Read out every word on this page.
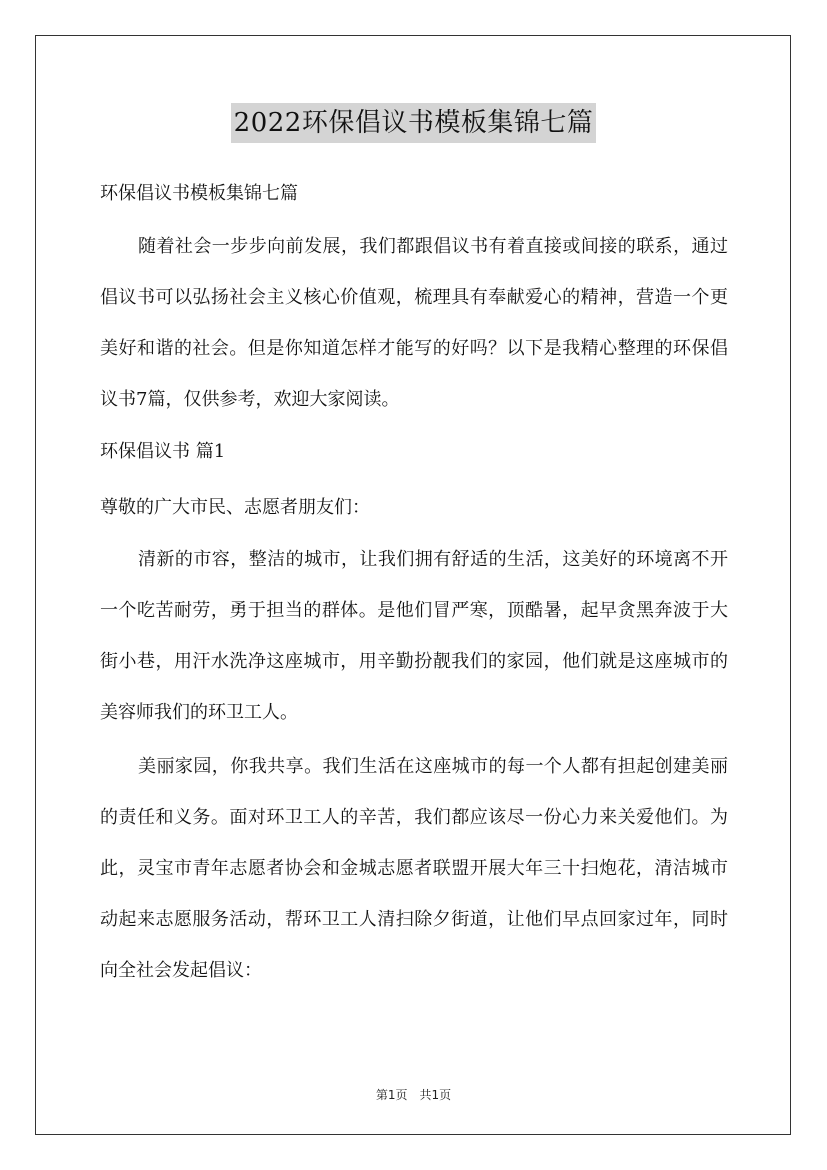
2022环保倡议书模板集锦七篇

环保倡议书模板集锦七篇

随着社会一步步向前发展，我们都跟倡议书有着直接或间接的联系，通过倡议书可以弘扬社会主义核心价值观，梳理具有奉献爱心的精神，营造一个更美好和谐的社会。但是你知道怎样才能写的好吗？以下是我精心整理的环保倡议书7篇，仅供参考，欢迎大家阅读。

环保倡议书 篇1

尊敬的广大市民、志愿者朋友们：

清新的市容，整洁的城市，让我们拥有舒适的生活，这美好的环境离不开一个吃苦耐劳，勇于担当的群体。是他们冒严寒，顶酷暑，起早贪黑奔波于大街小巷，用汗水洗净这座城市，用辛勤扮靓我们的家园，他们就是这座城市的美容师我们的环卫工人。

美丽家园，你我共享。我们生活在这座城市的每一个人都有担起创建美丽的责任和义务。面对环卫工人的辛苦，我们都应该尽一份心力来关爱他们。为此，灵宝市青年志愿者协会和金城志愿者联盟开展大年三十扫炮花，清洁城市动起来志愿服务活动，帮环卫工人清扫除夕街道，让他们早点回家过年，同时向全社会发起倡议：

第1页　共1页
